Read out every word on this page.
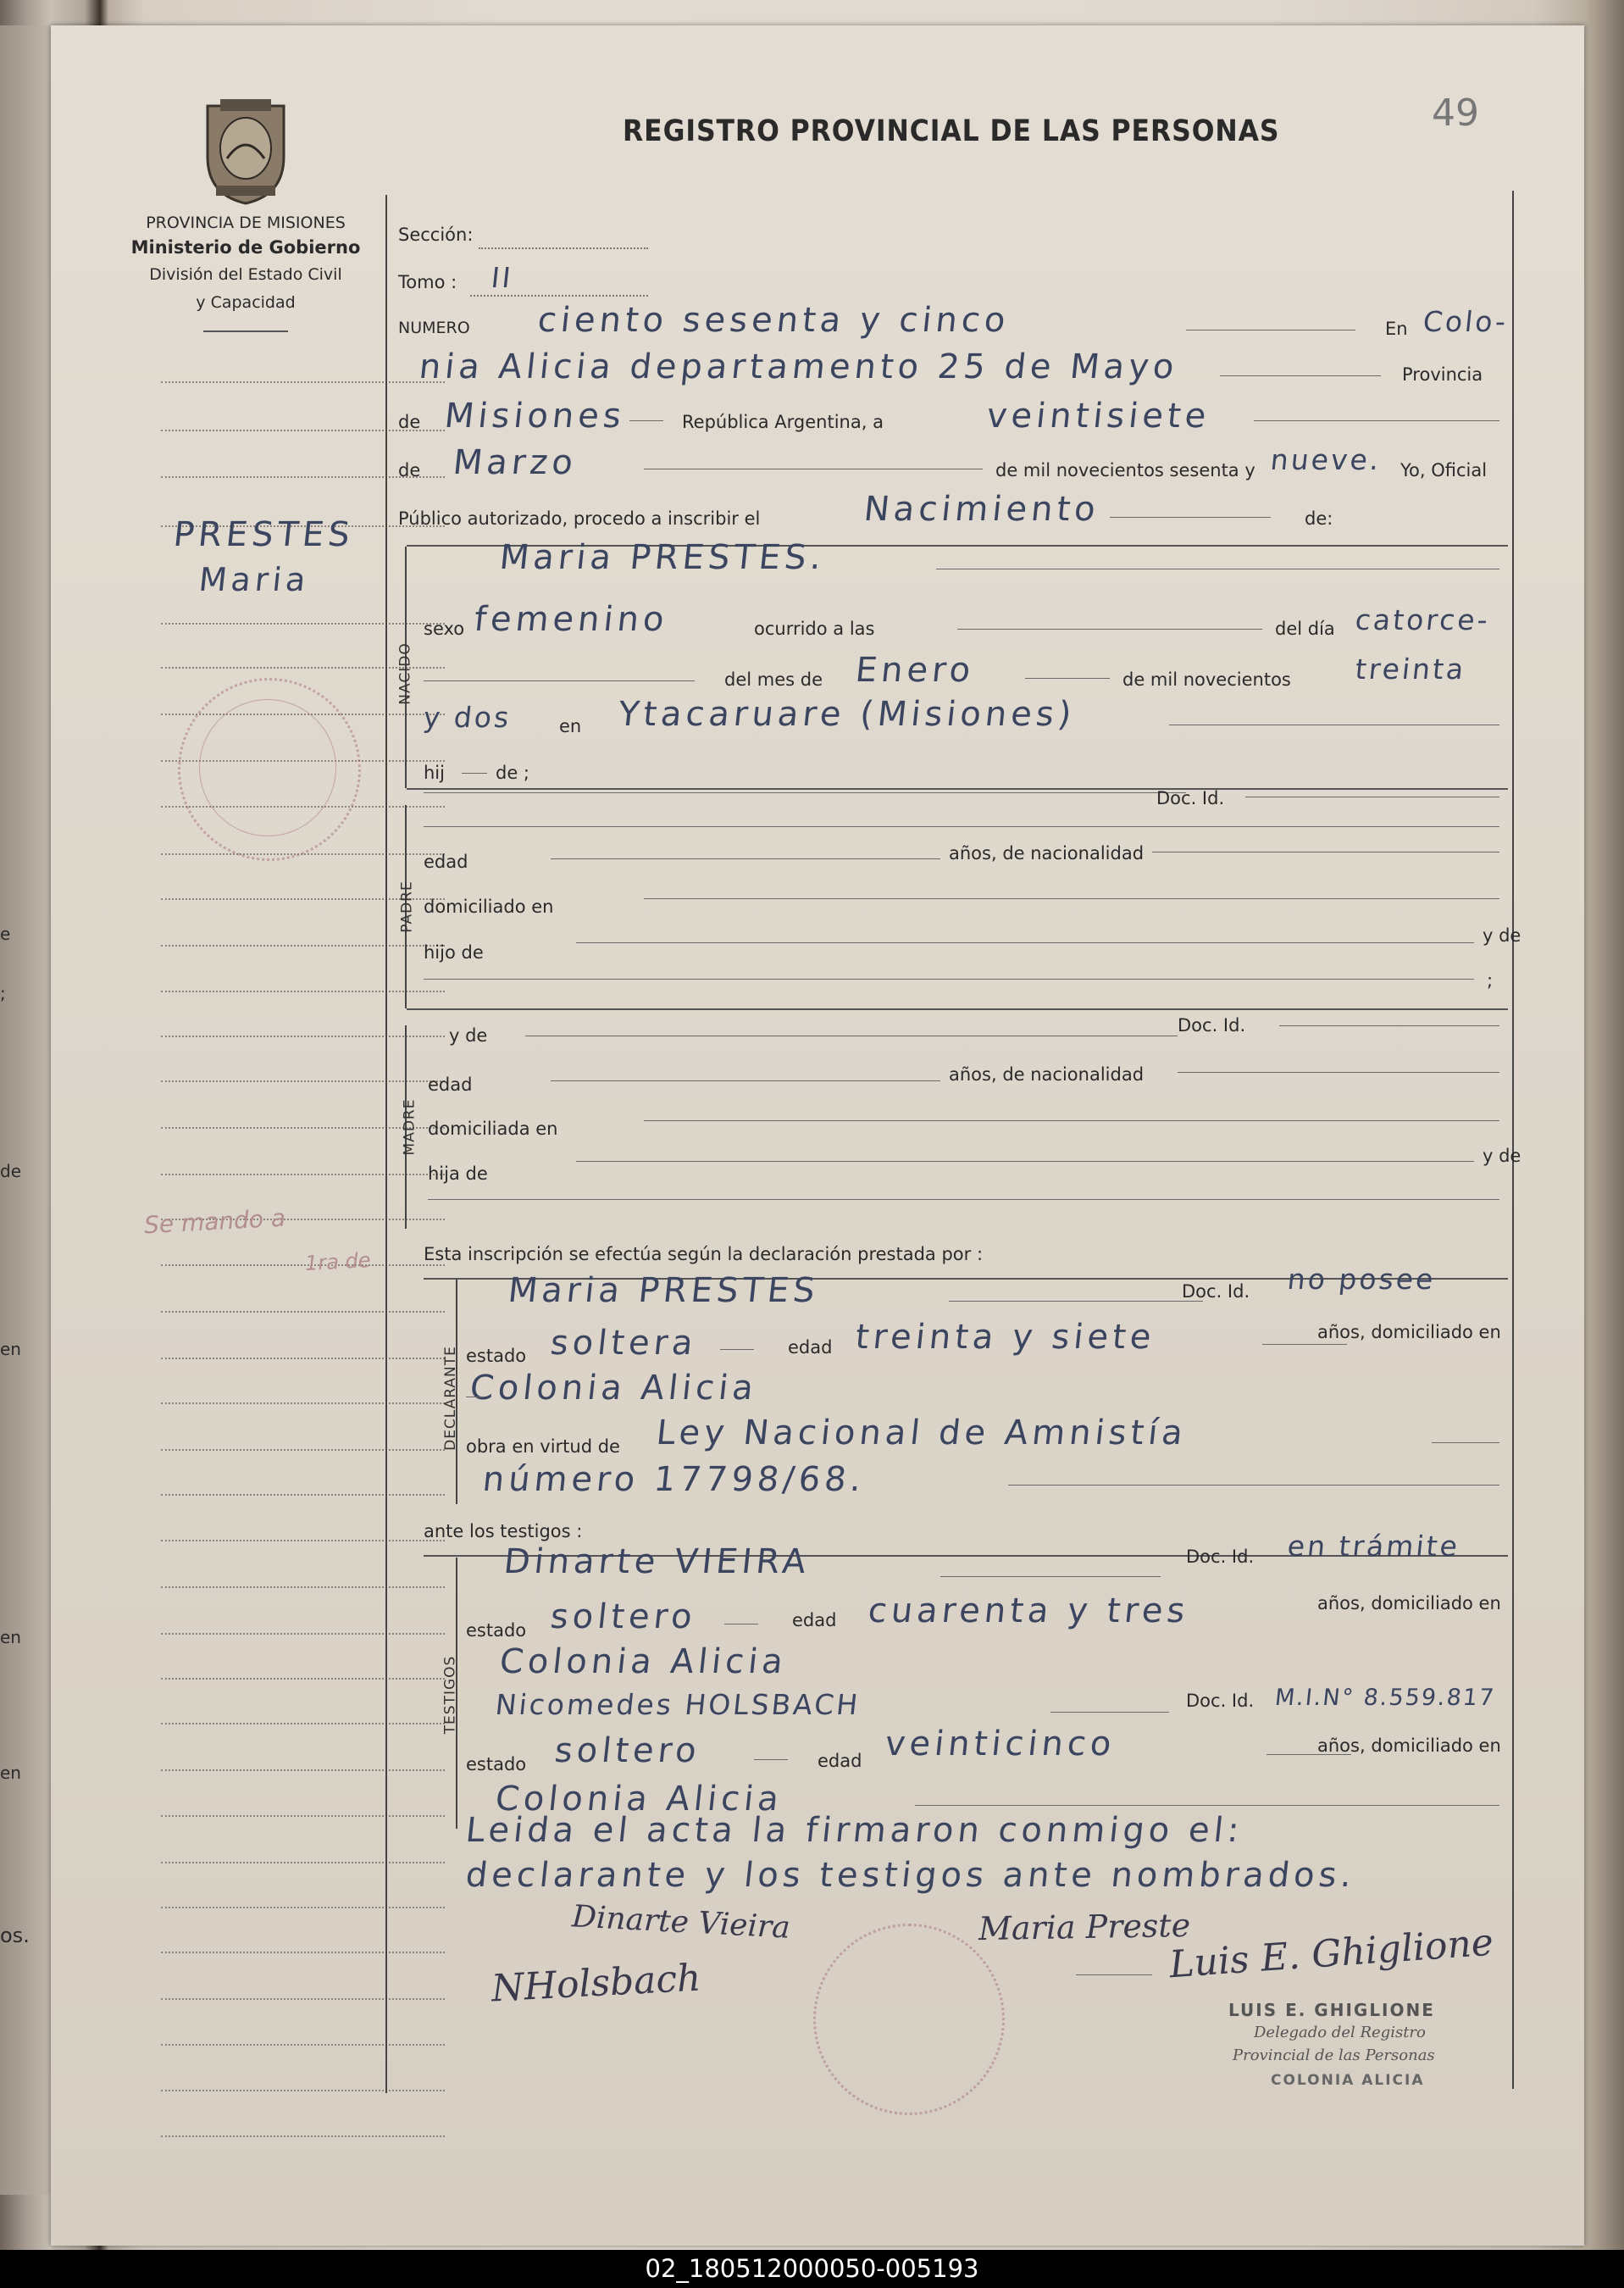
e
;
de
en
en
en
os.
PROVINCIA DE MISIONES
Ministerio de Gobierno
División del Estado Civil
y Capacidad
REGISTRO PROVINCIAL DE LAS PERSONAS	49
PRESTES
Maria
Se mando a
1ra de
Sección:
Tomo : II
NUMERO ciento sesenta y cinco	En Colo-
nia Alicia departamento 25 de Mayo	Provincia
de Misiones	República Argentina, a	veintisiete
de Marzo	de mil novecientos sesenta y nueve. Yo, Oficial
Público autorizado, procedo a inscribir el	Nacimiento	de:
NACIDO
Maria PRESTES.
sexo femenino	ocurrido a las	del día catorce-
del mes de Enero	de mil novecientos treinta
y dos	en Ytacaruare (Misiones)
hij	de ;
Doc. Id.
PADRE
edad	años, de nacionalidad
domiciliado en
hijo de
y de
;
y de	Doc. Id.
MADRE
edad	años, de nacionalidad
domiciliada en
hija de
y de
Esta inscripción se efectúa según la declaración prestada por :
DECLARANTE
Maria PRESTES	Doc. Id. no posee
estado soltera	edad treinta y siete	años, domiciliado en
Colonia Alicia
obra en virtud de Ley Nacional de Amnistía
número 17798/68.
ante los testigos :
TESTIGOS
Dinarte VIEIRA	Doc. Id. en trámite
estado soltero	edad cuarenta y tres	años, domiciliado en
Colonia Alicia
Nicomedes HOLSBACH	Doc. Id. M.I.N° 8.559.817
estado soltero	edad veinticinco	años, domiciliado en
Colonia Alicia
Leida el acta la firmaron conmigo el:
declarante y los testigos ante nombrados.
Dinarte Vieira	Maria Preste
NHolsbach	Luis E. Ghiglione
LUIS E. GHIGLIONE
Delegado del Registro
Provincial de las Personas
COLONIA ALICIA
02_180512000050-005193
